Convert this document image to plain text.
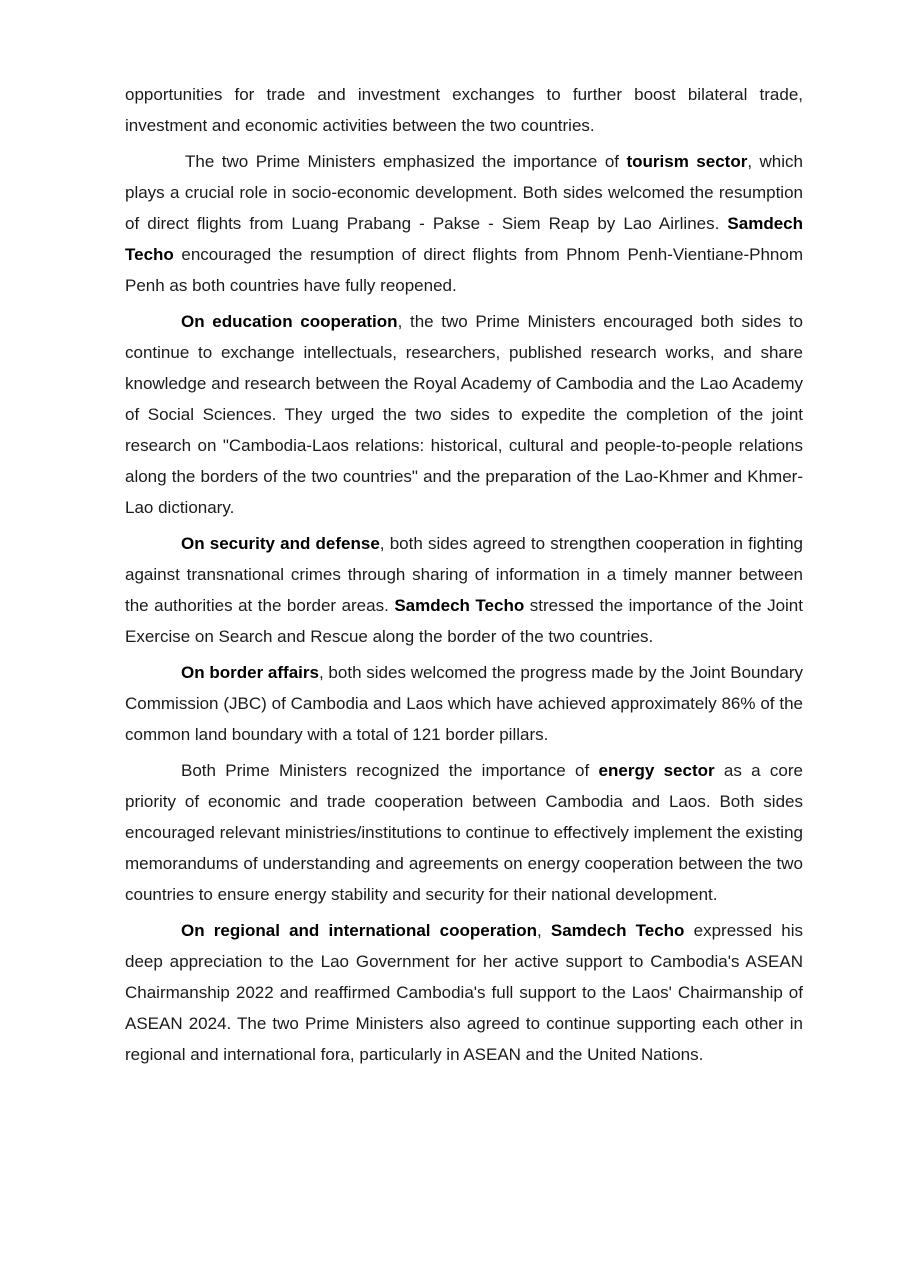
opportunities for trade and investment exchanges to further boost bilateral trade, investment and economic activities between the two countries.

The two Prime Ministers emphasized the importance of tourism sector, which plays a crucial role in socio-economic development. Both sides welcomed the resumption of direct flights from Luang Prabang - Pakse - Siem Reap by Lao Airlines. Samdech Techo encouraged the resumption of direct flights from Phnom Penh-Vientiane-Phnom Penh as both countries have fully reopened.

On education cooperation, the two Prime Ministers encouraged both sides to continue to exchange intellectuals, researchers, published research works, and share knowledge and research between the Royal Academy of Cambodia and the Lao Academy of Social Sciences. They urged the two sides to expedite the completion of the joint research on "Cambodia-Laos relations: historical, cultural and people-to-people relations along the borders of the two countries" and the preparation of the Lao-Khmer and Khmer-Lao dictionary.

On security and defense, both sides agreed to strengthen cooperation in fighting against transnational crimes through sharing of information in a timely manner between the authorities at the border areas. Samdech Techo stressed the importance of the Joint Exercise on Search and Rescue along the border of the two countries.

On border affairs, both sides welcomed the progress made by the Joint Boundary Commission (JBC) of Cambodia and Laos which have achieved approximately 86% of the common land boundary with a total of 121 border pillars.

Both Prime Ministers recognized the importance of energy sector as a core priority of economic and trade cooperation between Cambodia and Laos. Both sides encouraged relevant ministries/institutions to continue to effectively implement the existing memorandums of understanding and agreements on energy cooperation between the two countries to ensure energy stability and security for their national development.

On regional and international cooperation, Samdech Techo expressed his deep appreciation to the Lao Government for her active support to Cambodia's ASEAN Chairmanship 2022 and reaffirmed Cambodia's full support to the Laos' Chairmanship of ASEAN 2024. The two Prime Ministers also agreed to continue supporting each other in regional and international fora, particularly in ASEAN and the United Nations.
